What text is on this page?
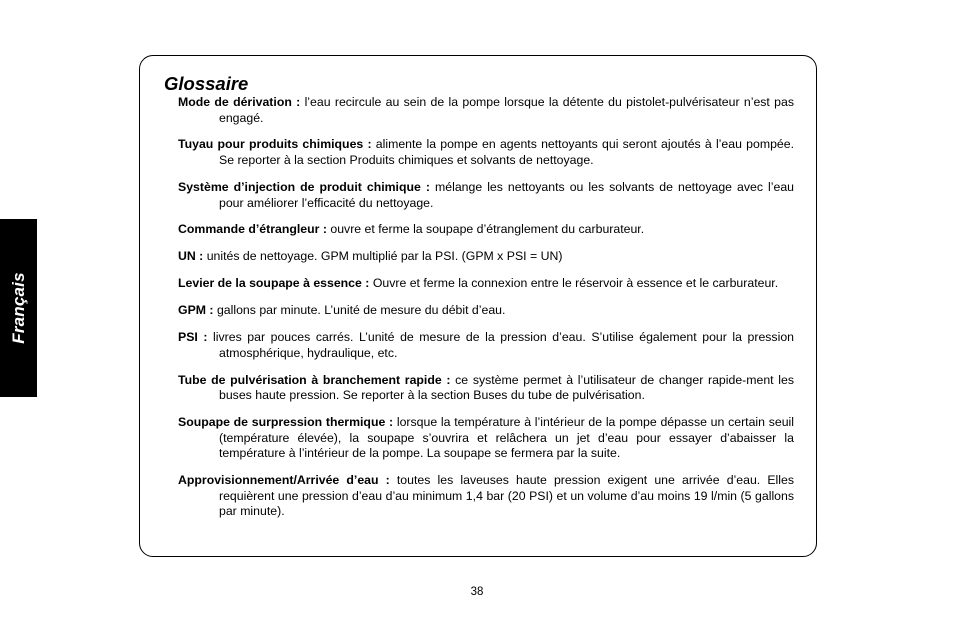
Français
Glossaire

Mode de dérivation : l’eau recircule au sein de la pompe lorsque la détente du pistolet-pulvérisateur n’est pas engagé.

Tuyau pour produits chimiques : alimente la pompe en agents nettoyants qui seront ajoutés à l’eau pompée. Se reporter à la section Produits chimiques et solvants de nettoyage.

Système d’injection de produit chimique : mélange les nettoyants ou les solvants de nettoyage avec l’eau pour améliorer l’efficacité du nettoyage.

Commande d’étrangleur : ouvre et ferme la soupape d’étranglement du carburateur.

UN : unités de nettoyage. GPM multiplié par la PSI. (GPM x PSI = UN)

Levier de la soupape à essence : Ouvre et ferme la connexion entre le réservoir à essence et le carburateur.

GPM : gallons par minute. L’unité de mesure du débit d’eau.

PSI : livres par pouces carrés. L’unité de mesure de la pression d’eau. S’utilise également pour la pression atmosphérique, hydraulique, etc.

Tube de pulvérisation à branchement rapide : ce système permet à l’utilisateur de changer rapide-ment les buses haute pression. Se reporter à la section Buses du tube de pulvérisation.

Soupape de surpression thermique : lorsque la température à l’intérieur de la pompe dépasse un certain seuil (température élevée), la soupape s’ouvrira et relâchera un jet d’eau pour essayer d’abaisser la température à l’intérieur de la pompe. La soupape se fermera par la suite.

Approvisionnement/Arrivée d’eau : toutes les laveuses haute pression exigent une arrivée d’eau. Elles requièrent une pression d’eau d’au minimum 1,4 bar (20 PSI) et un volume d’au moins 19 l/min (5 gallons par minute).

38
